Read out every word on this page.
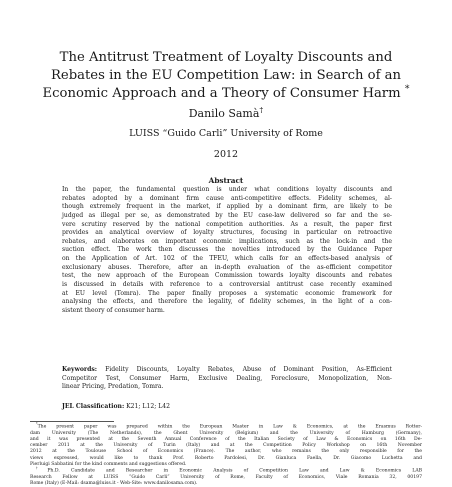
The Antitrust Treatment of Loyalty Discounts and
Rebates in the EU Competition Law: in Search of an
Economic Approach and a Theory of Consumer Harm *
Danilo Samà†
LUISS “Guido Carli” University of Rome
2012
Abstract
In the paper, the fundamental question is under what conditions loyalty discounts and
rebates adopted by a dominant firm cause anti-competitive effects. Fidelity schemes, al-
though extremely frequent in the market, if applied by a dominant firm, are likely to be
judged as illegal per se, as demonstrated by the EU case-law delivered so far and the se-
vere scrutiny reserved by the national competition authorities. As a result, the paper first
provides an analytical overview of loyalty structures, focusing in particular on retroactive
rebates, and elaborates on important economic implications, such as the lock-in and the
suction effect. The work then discusses the novelties introduced by the Guidance Paper
on the Application of Art. 102 of the TFEU, which calls for an effects-based analysis of
exclusionary abuses. Therefore, after an in-depth evaluation of the as-efficient competitor
test, the new approach of the European Commission towards loyalty discounts and rebates
is discussed in details with reference to a controversial antitrust case recently examined
at EU level (Tomra). The paper finally proposes a systematic economic framework for
analysing the effects, and therefore the legality, of fidelity schemes, in the light of a con-
sistent theory of consumer harm.
Keywords: Fidelity Discounts, Loyalty Rebates, Abuse of Dominant Position, As-Efficient
Competitor Test, Consumer Harm, Exclusive Dealing, Foreclosure, Monopolization, Non-
linear Pricing, Predation, Tomra.
JEL Classification: K21; L12; L42
*The present paper was prepared within the European Master in Law & Economics, at the Erasmus Rotter-
dam University (The Netherlands), the Ghent University (Belgium) and the University of Hamburg (Germany),
and it was presented at the Seventh Annual Conference of the Italian Society of Law & Economics on 16th De-
cember 2011 at the University of Turin (Italy) and at the Competition Policy Workshop on 16th November
2012 at the Toulouse School of Economics (France). The author, who remains the only responsible for the
views expressed, would like to thank Prof. Roberto Pardolesi, Dr. Gianluca Faella, Dr. Giacomo Luchetta and
Pierluigi Sabbatini for the kind comments and suggestions offered.
†Ph.D. Candidate and Researcher in Economic Analysis of Competition Law and Law & Economics LAB
Research Fellow at LUISS “Guido Carli” University of Rome, Faculty of Economics, Viale Romania 32, 00197
Rome (Italy) (E-Mail: dsama@luiss.it - Web-Site: www.danilosama.com).
